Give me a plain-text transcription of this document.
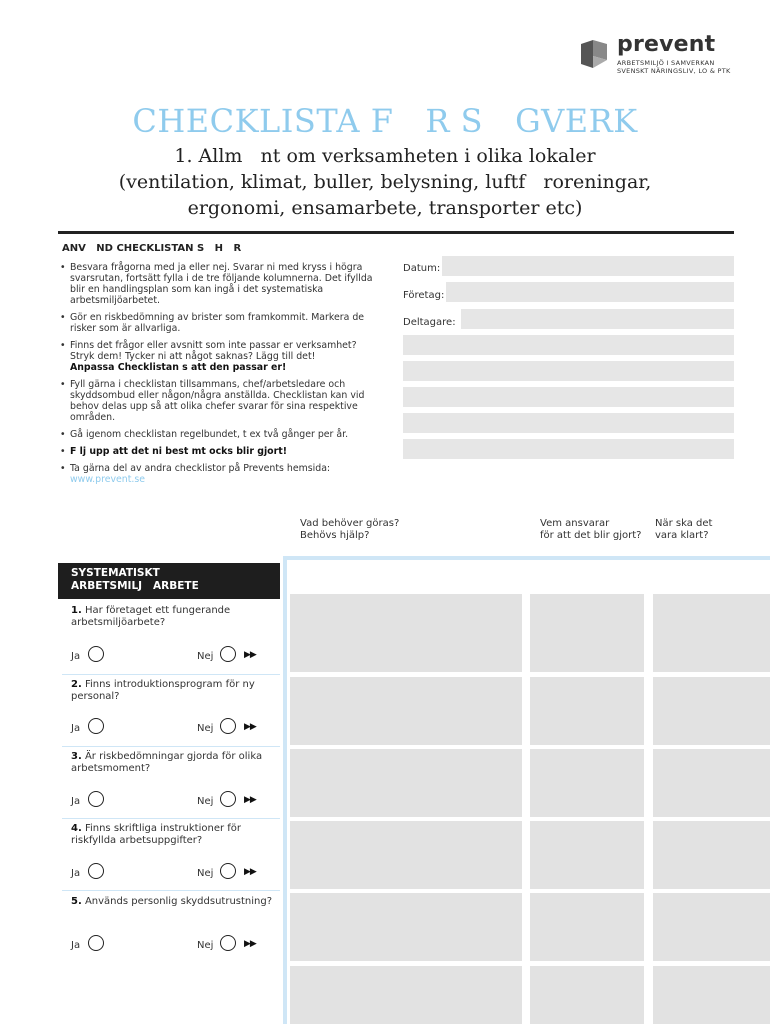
prevent
ARBETSMILJÖ I SAMVERKAN
SVENSKT NÄRINGSLIV, LO & PTK
CHECKLISTA F   R S   GVERK
1. Allm   nt om verksamheten i olika lokaler
(ventilation, klimat, buller, belysning, luftf   roreningar,
ergonomi, ensamarbete, transporter etc)
ANV   ND CHECKLISTAN S   H   R
• Besvara frågorna med ja eller nej. Svarar ni med kryss i högra svarsrutan, fortsätt fylla i de tre följande kolumnerna. Det ifyllda blir en handlingsplan som kan ingå i det systematiska arbetsmiljöarbetet.
• Gör en riskbedömning av brister som framkommit. Markera de risker som är allvarliga.
• Finns det frågor eller avsnitt som inte passar er verksamhet? Stryk dem! Tycker ni att något saknas? Lägg till det!
Anpassa Checklistan s att den passar er!
• Fyll gärna i checklistan tillsammans, chef/arbetsledare och skyddsombud eller någon/några anställda. Checklistan kan vid behov delas upp så att olika chefer svarar för sina respektive områden.
• Gå igenom checklistan regelbundet, t ex två gånger per år.
• F lj upp att det ni best mt ocks blir gjort!
• Ta gärna del av andra checklistor på Prevents hemsida:
www.prevent.se
Datum:
Företag:
Deltagare:
Vad behöver göras?
Behövs hjälp?
Vem ansvarar
för att det blir gjort?
När ska det
vara klart?
SYSTEMATISKT
ARBETSMILJ   ARBETE
1. Har företaget ett fungerande arbetsmiljöarbete?
Ja	Nej	▶▶
2. Finns introduktionsprogram för ny personal?
Ja	Nej	▶▶
3. Är riskbedömningar gjorda för olika arbetsmoment?
Ja	Nej	▶▶
4. Finns skriftliga instruktioner för riskfyllda arbetsuppgifter?
Ja	Nej	▶▶
5. Används personlig skyddsutrustning?
Ja	Nej	▶▶
